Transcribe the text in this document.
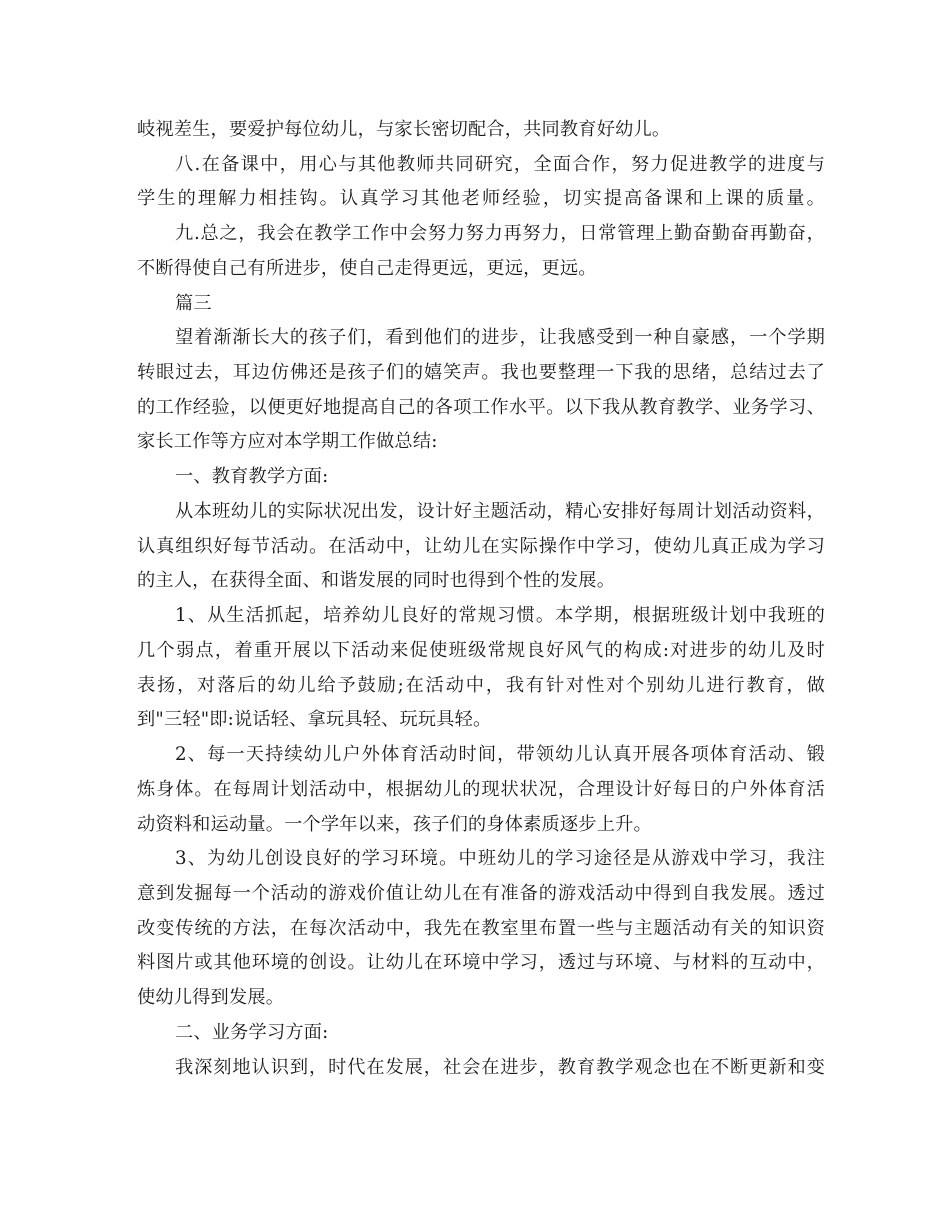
岐视差生，要爱护每位幼儿，与家长密切配合，共同教育好幼儿。
八.在备课中，用心与其他教师共同研究，全面合作，努力促进教学的进度与
学生的理解力相挂钩。认真学习其他老师经验，切实提高备课和上课的质量。
九.总之，我会在教学工作中会努力努力再努力，日常管理上勤奋勤奋再勤奋，
不断得使自己有所进步，使自己走得更远，更远，更远。
篇三
望着渐渐长大的孩子们，看到他们的进步，让我感受到一种自豪感，一个学期
转眼过去，耳边仿佛还是孩子们的嬉笑声。我也要整理一下我的思绪，总结过去了
的工作经验，以便更好地提高自己的各项工作水平。以下我从教育教学、业务学习、
家长工作等方应对本学期工作做总结:
一、教育教学方面:
从本班幼儿的实际状况出发，设计好主题活动，精心安排好每周计划活动资料，
认真组织好每节活动。在活动中，让幼儿在实际操作中学习，使幼儿真正成为学习
的主人，在获得全面、和谐发展的同时也得到个性的发展。
1、从生活抓起，培养幼儿良好的常规习惯。本学期，根据班级计划中我班的
几个弱点，着重开展以下活动来促使班级常规良好风气的构成:对进步的幼儿及时
表扬，对落后的幼儿给予鼓励;在活动中，我有针对性对个别幼儿进行教育，做
到"三轻"即:说话轻、拿玩具轻、玩玩具轻。
2、每一天持续幼儿户外体育活动时间，带领幼儿认真开展各项体育活动、锻
炼身体。在每周计划活动中，根据幼儿的现状状况，合理设计好每日的户外体育活
动资料和运动量。一个学年以来，孩子们的身体素质逐步上升。
3、为幼儿创设良好的学习环境。中班幼儿的学习途径是从游戏中学习，我注
意到发掘每一个活动的游戏价值让幼儿在有准备的游戏活动中得到自我发展。透过
改变传统的方法，在每次活动中，我先在教室里布置一些与主题活动有关的知识资
料图片或其他环境的创设。让幼儿在环境中学习，透过与环境、与材料的互动中，
使幼儿得到发展。
二、业务学习方面:
我深刻地认识到，时代在发展，社会在进步，教育教学观念也在不断更新和变
